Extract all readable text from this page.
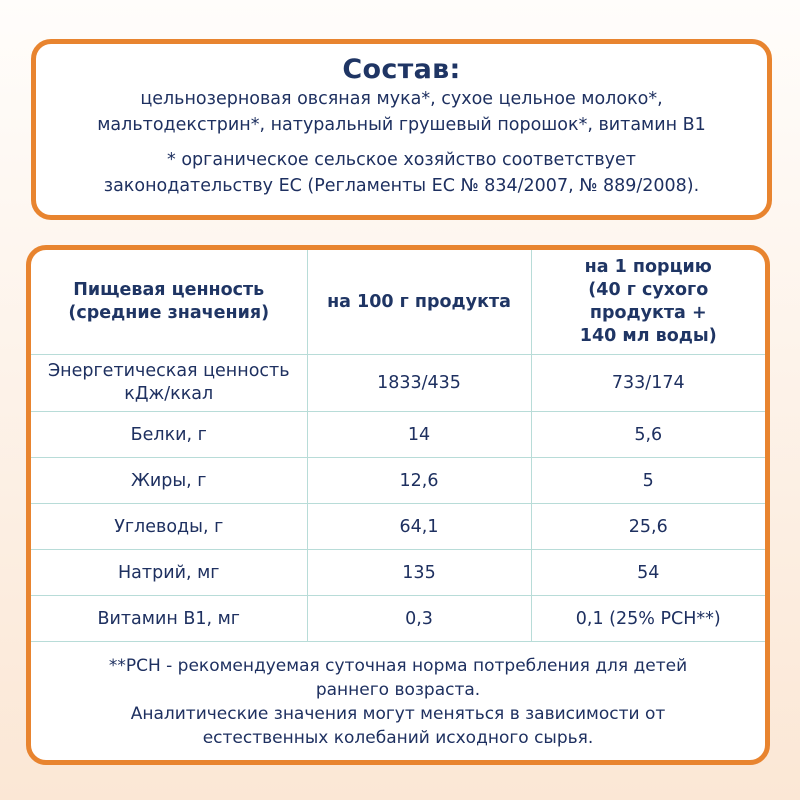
Состав:
цельнозерновая овсяная мука*, сухое цельное молоко*,
мальтодекстрин*, натуральный грушевый порошок*, витамин В1
* органическое сельское хозяйство соответствует
законодательству ЕС (Регламенты ЕС № 834/2007, № 889/2008).
Пищевая ценность
(средние значения)

на 100 г продукта

на 1 порцию
(40 г сухого
продукта +
140 мл воды)

Энергетическая ценность
кДж/ккал	1833/435	733/174
Белки, г	14	5,6
Жиры, г	12,6	5
Углеводы, г	64,1	25,6
Натрий, мг	135	54
Витамин В1, мг	0,3	0,1 (25% РСН**)
**РСН - рекомендуемая суточная норма потребления для детей
раннего возраста.
Аналитические значения могут меняться в зависимости от
естественных колебаний исходного сырья.
